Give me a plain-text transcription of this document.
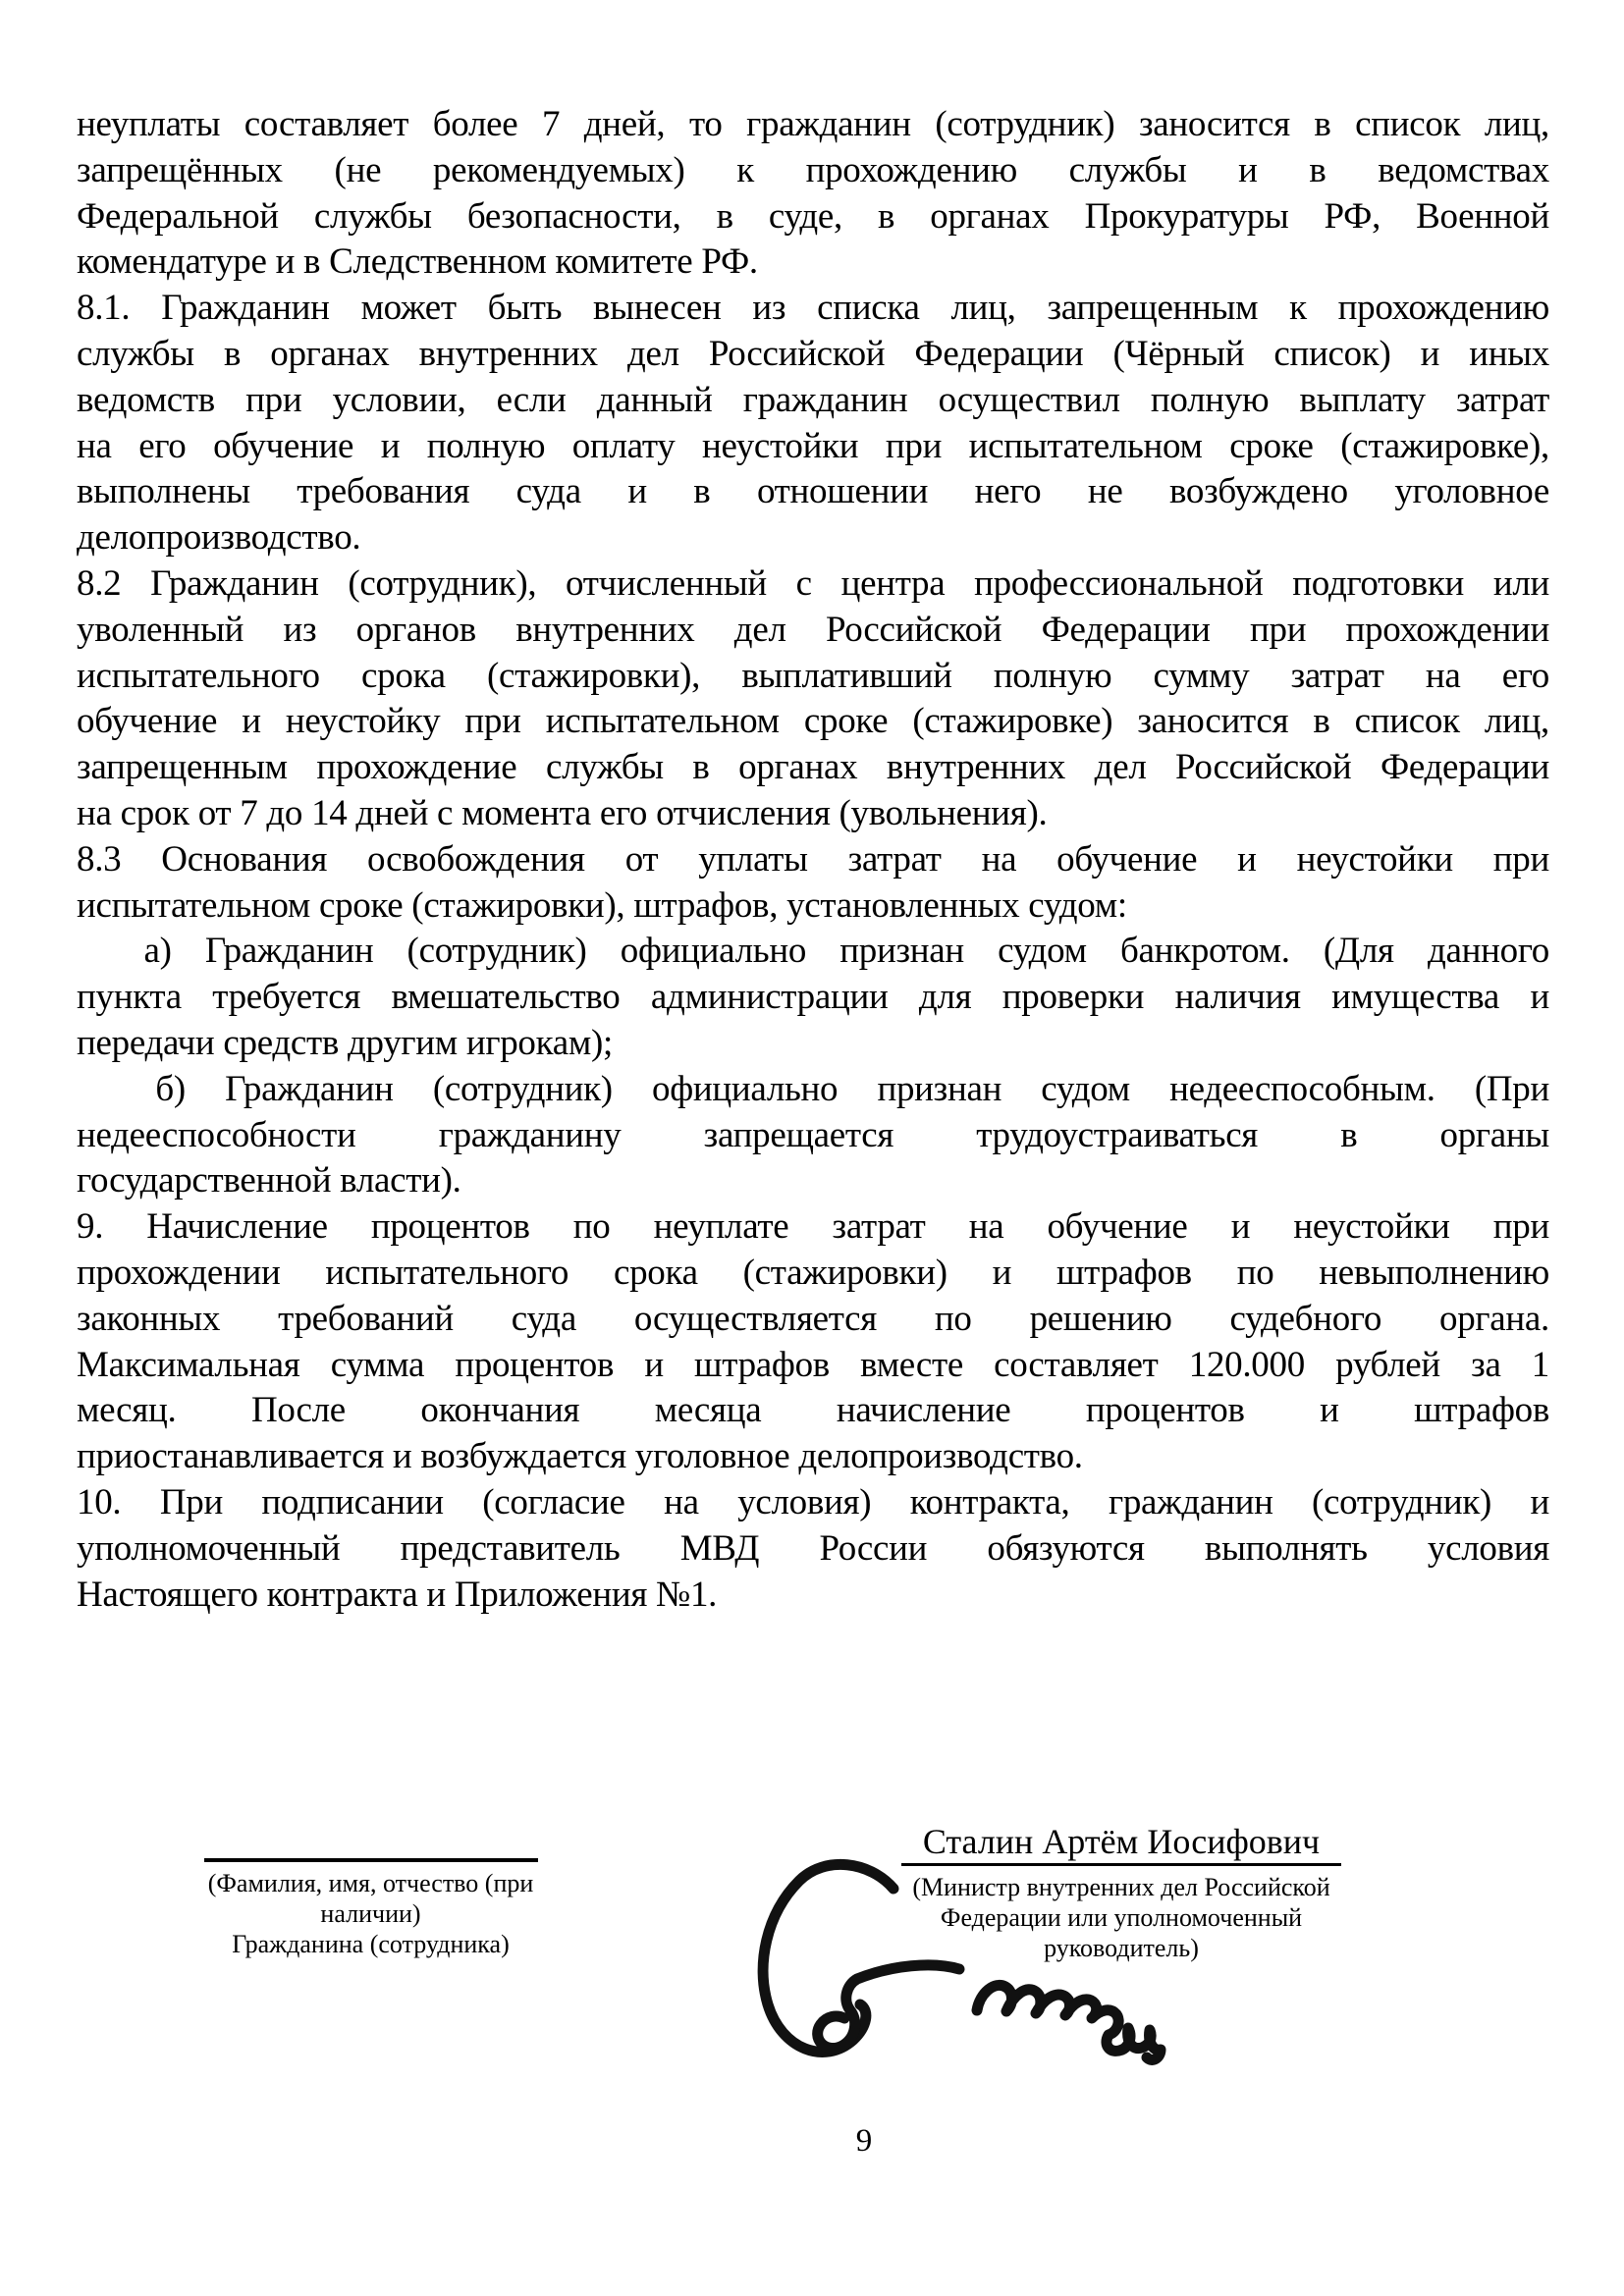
неуплаты составляет более 7 дней, то гражданин (сотрудник) заносится в список лиц,
запрещённых (не рекомендуемых) к прохождению службы и в ведомствах
Федеральной службы безопасности, в суде, в органах Прокуратуры РФ, Военной
комендатуре и в Следственном комитете РФ.
8.1. Гражданин может быть вынесен из списка лиц, запрещенным к прохождению
службы в органах внутренних дел Российской Федерации (Чёрный список) и иных
ведомств при условии, если данный гражданин осуществил полную выплату затрат
на его обучение и полную оплату неустойки при испытательном сроке (стажировке),
выполнены требования суда и в отношении него не возбуждено уголовное
делопроизводство.
8.2 Гражданин (сотрудник), отчисленный с центра профессиональной подготовки или
уволенный из органов внутренних дел Российской Федерации при прохождении
испытательного срока (стажировки), выплативший полную сумму затрат на его
обучение и неустойку при испытательном сроке (стажировке) заносится в список лиц,
запрещенным прохождение службы в органах внутренних дел Российской Федерации
на срок от 7 до 14 дней с момента его отчисления (увольнения).
8.3 Основания освобождения от уплаты затрат на обучение и неустойки при
испытательном сроке (стажировки), штрафов, установленных судом:
а) Гражданин (сотрудник) официально признан судом банкротом. (Для данного
пункта требуется вмешательство администрации для проверки наличия имущества и
передачи средств другим игрокам);
б) Гражданин (сотрудник) официально признан судом недееспособным. (При
недееспособности гражданину запрещается трудоустраиваться в органы
государственной власти).
9. Начисление процентов по неуплате затрат на обучение и неустойки при
прохождении испытательного срока (стажировки) и штрафов по невыполнению
законных требований суда осуществляется по решению судебного органа.
Максимальная сумма процентов и штрафов вместе составляет 120.000 рублей за 1
месяц. После окончания месяца начисление процентов и штрафов
приостанавливается и возбуждается уголовное делопроизводство.
10. При подписании (согласие на условия) контракта, гражданин (сотрудник) и
уполномоченный представитель МВД России обязуются выполнять условия
Настоящего контракта и Приложения №1.
(Фамилия, имя, отчество (при наличии)
Гражданина (сотрудника)
Сталин Артём Иосифович
(Министр внутренних дел Российской
Федерации или уполномоченный руководитель)
9
